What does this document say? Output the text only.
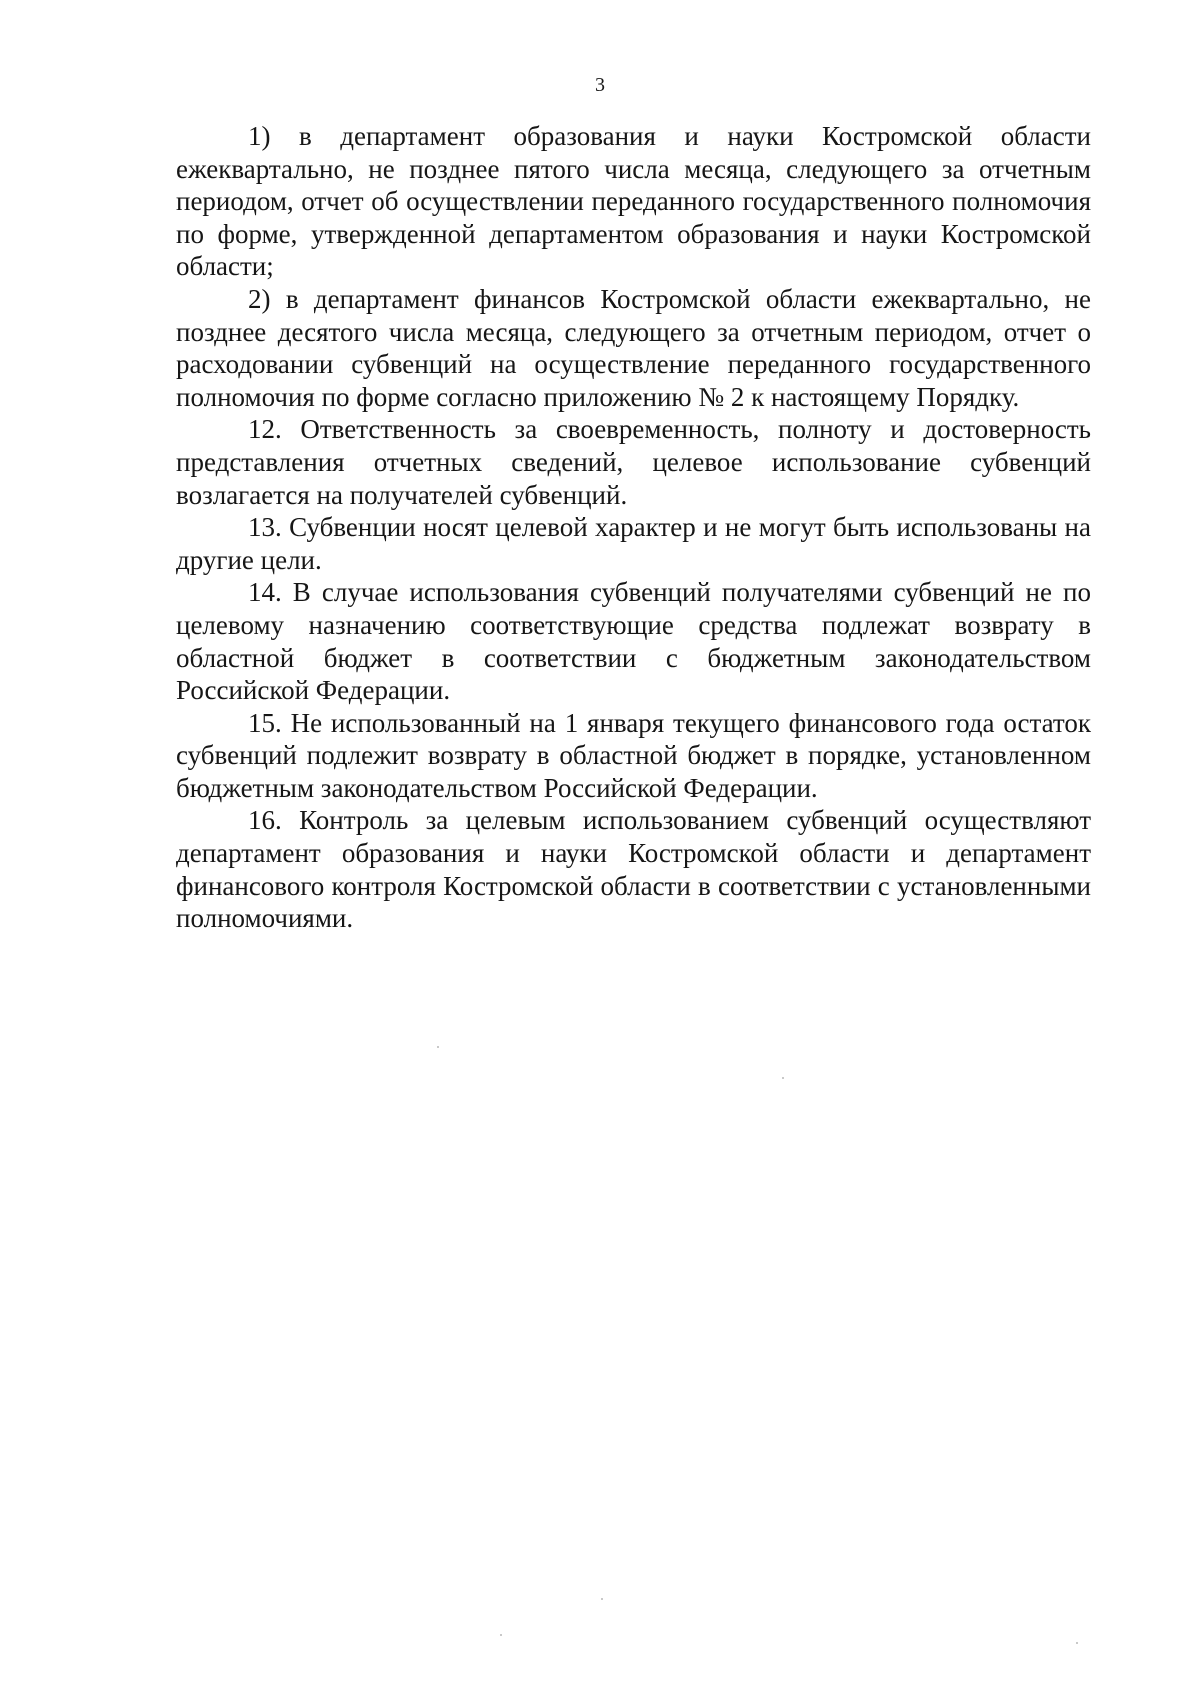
3

1) в департамент образования и науки Костромской области ежеквартально, не позднее пятого числа месяца, следующего за отчетным периодом, отчет об осуществлении переданного государственного полномочия по форме, утвержденной департаментом образования и науки Костромской области;

2) в департамент финансов Костромской области ежеквартально, не позднее десятого числа месяца, следующего за отчетным периодом, отчет о расходовании субвенций на осуществление переданного государственного полномочия по форме согласно приложению № 2 к настоящему Порядку.

12. Ответственность за своевременность, полноту и достоверность представления отчетных сведений, целевое использование субвенций возлагается на получателей субвенций.

13. Субвенции носят целевой характер и не могут быть использованы на другие цели.

14. В случае использования субвенций получателями субвенций не по целевому назначению соответствующие средства подлежат возврату в областной бюджет в соответствии с бюджетным законодательством Российской Федерации.

15. Не использованный на 1 января текущего финансового года остаток субвенций подлежит возврату в областной бюджет в порядке, установленном бюджетным законодательством Российской Федерации.

16. Контроль за целевым использованием субвенций осуществляют департамент образования и науки Костромской области и департамент финансового контроля Костромской области в соответствии с установленными полномочиями.
